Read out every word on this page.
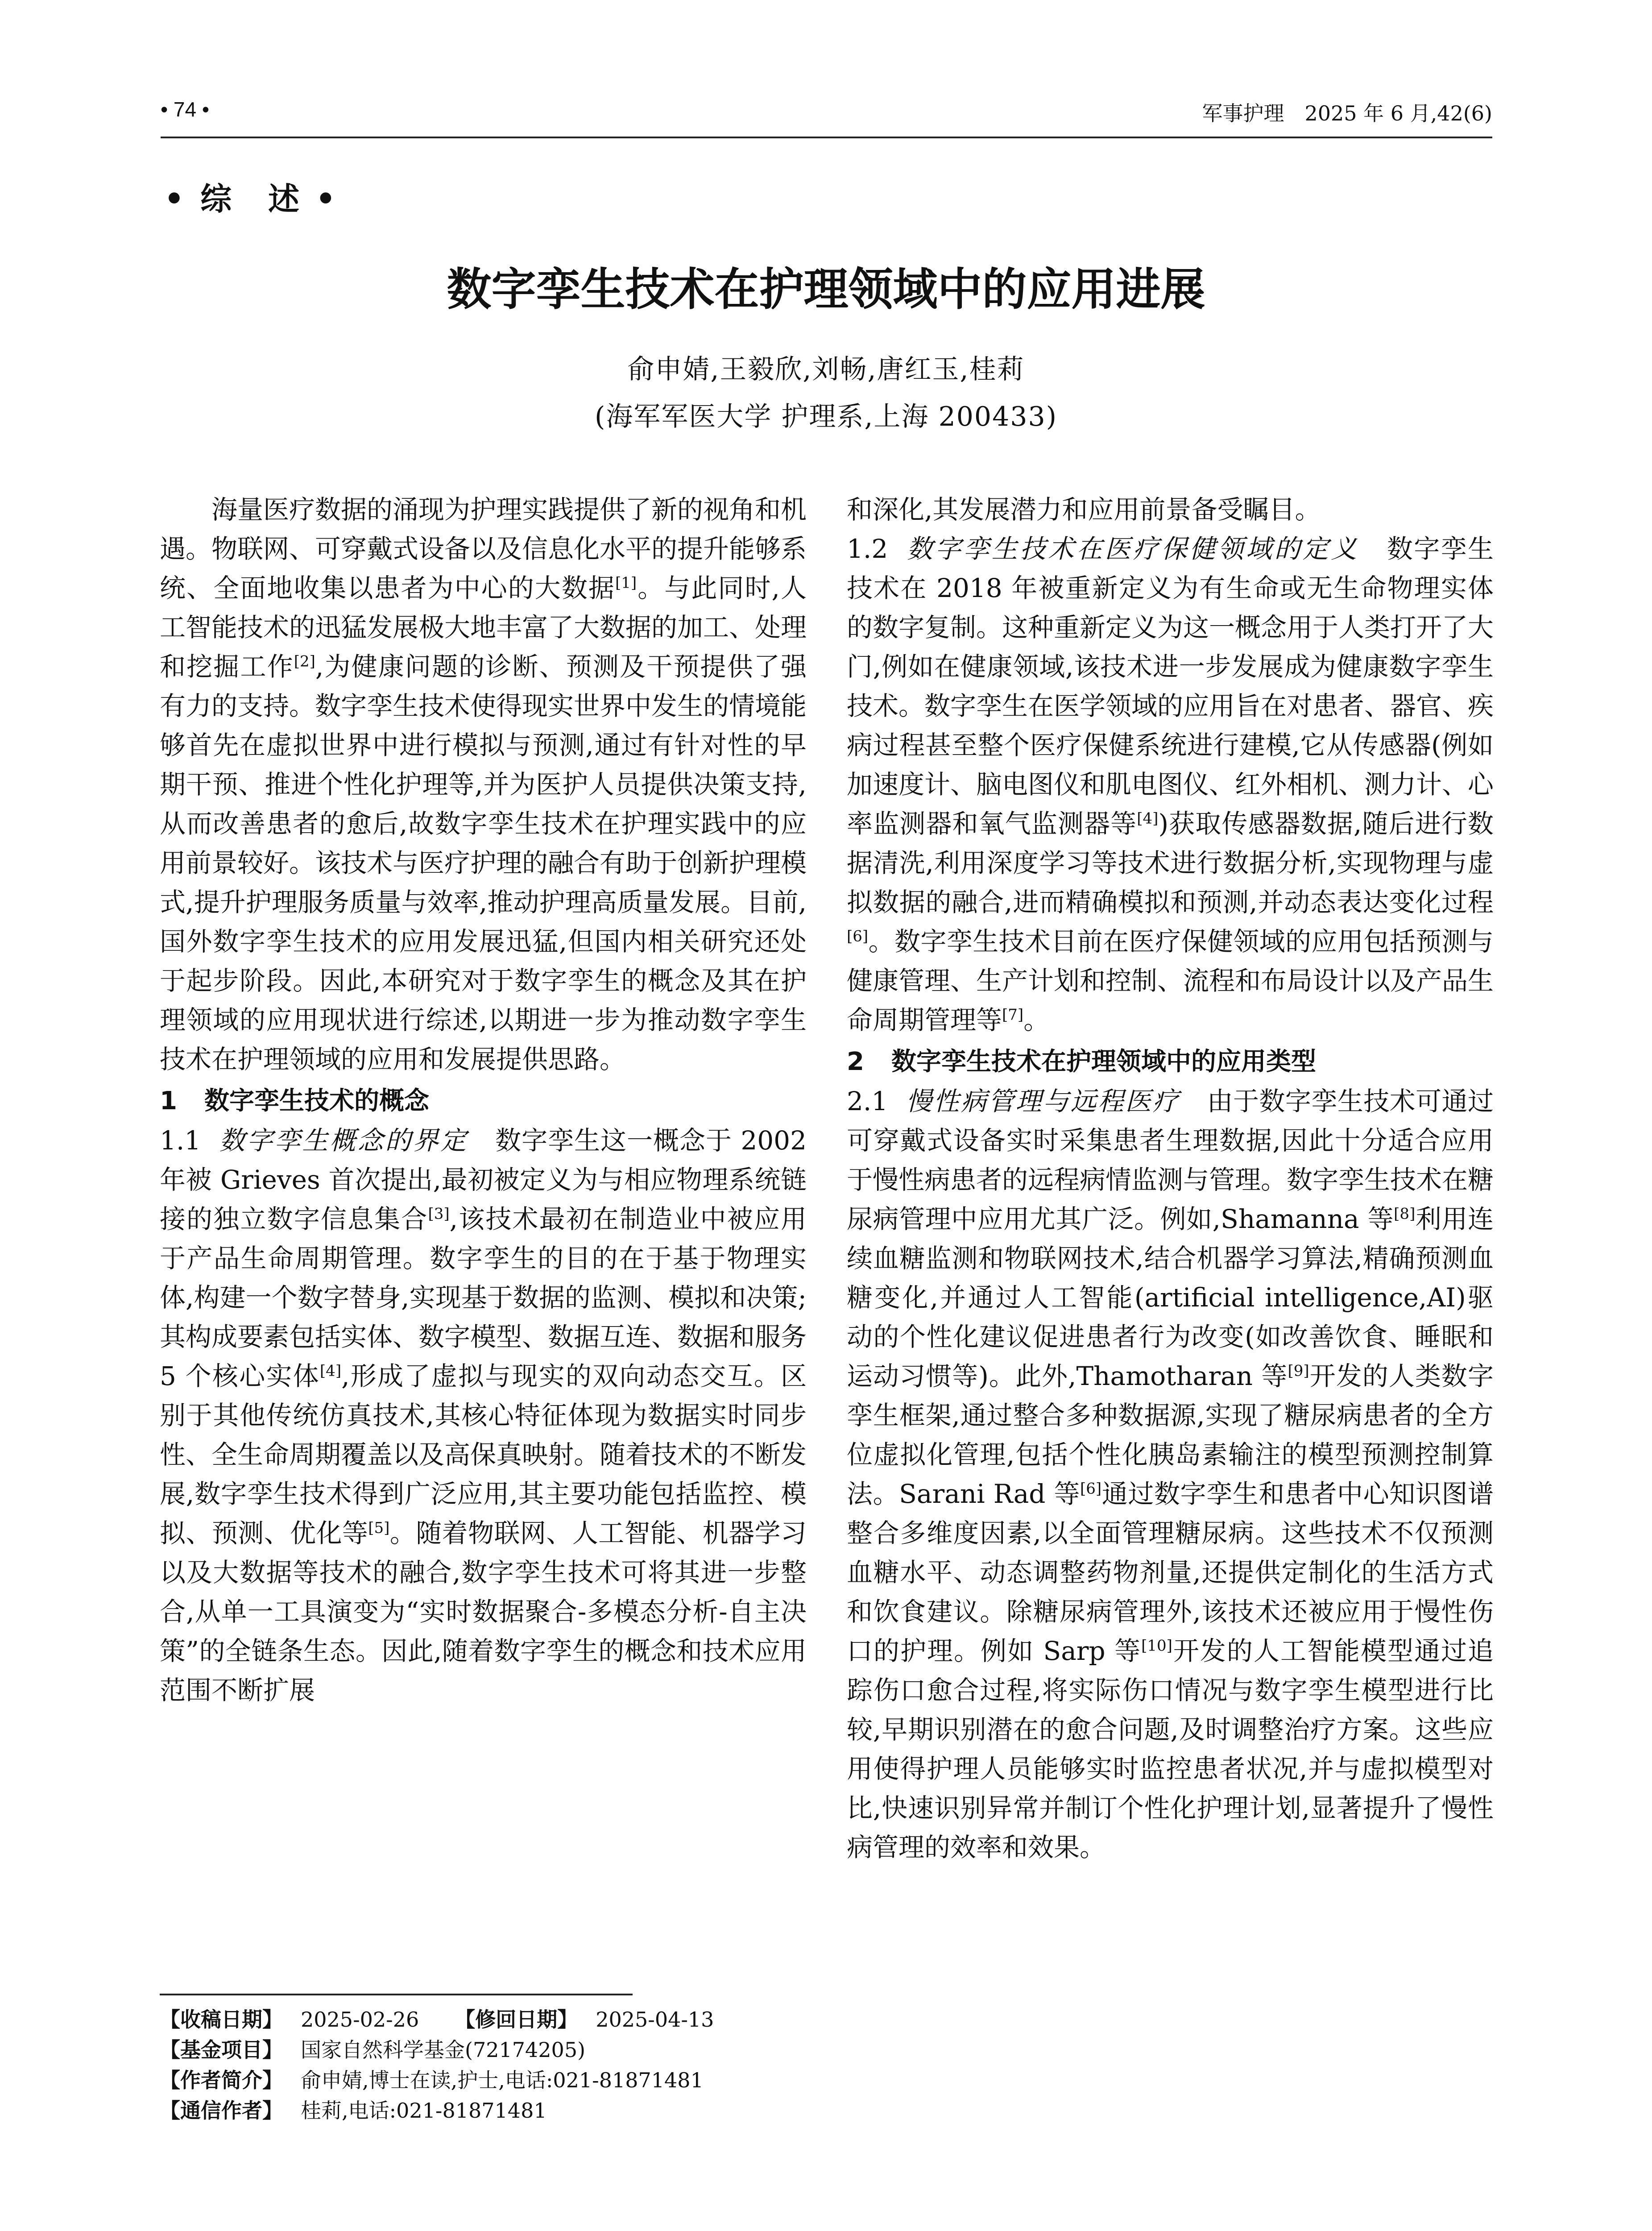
• 74 •	军事护理　2025 年 6 月,42(6)
• 综　述 •
数字孪生技术在护理领域中的应用进展
俞申婧,王毅欣,刘畅,唐红玉,桂莉
(海军军医大学 护理系,上海 200433)

海量医疗数据的涌现为护理实践提供了新的视角和机遇。物联网、可穿戴式设备以及信息化水平的提升能够系统、全面地收集以患者为中心的大数据[1]。与此同时,人工智能技术的迅猛发展极大地丰富了大数据的加工、处理和挖掘工作[2],为健康问题的诊断、预测及干预提供了强有力的支持。数字孪生技术使得现实世界中发生的情境能够首先在虚拟世界中进行模拟与预测,通过有针对性的早期干预、推进个性化护理等,并为医护人员提供决策支持,从而改善患者的愈后,故数字孪生技术在护理实践中的应用前景较好。该技术与医疗护理的融合有助于创新护理模式,提升护理服务质量与效率,推动护理高质量发展。目前,国外数字孪生技术的应用发展迅猛,但国内相关研究还处于起步阶段。因此,本研究对于数字孪生的概念及其在护理领域的应用现状进行综述,以期进一步为推动数字孪生技术在护理领域的应用和发展提供思路。

1 数字孪生技术的概念

1.1 数字孪生概念的界定 数字孪生这一概念于 2002 年被 Grieves 首次提出,最初被定义为与相应物理系统链接的独立数字信息集合[3],该技术最初在制造业中被应用于产品生命周期管理。数字孪生的目的在于基于物理实体,构建一个数字替身,实现基于数据的监测、模拟和决策;其构成要素包括实体、数字模型、数据互连、数据和服务 5 个核心实体[4],形成了虚拟与现实的双向动态交互。区别于其他传统仿真技术,其核心特征体现为数据实时同步性、全生命周期覆盖以及高保真映射。随着技术的不断发展,数字孪生技术得到广泛应用,其主要功能包括监控、模拟、预测、优化等[5]。随着物联网、人工智能、机器学习以及大数据等技术的融合,数字孪生技术可将其进一步整合,从单一工具演变为“实时数据聚合-多模态分析-自主决策”的全链条生态。因此,随着数字孪生的概念和技术应用范围不断扩展

和深化,其发展潜力和应用前景备受瞩目。

1.2 数字孪生技术在医疗保健领域的定义 数字孪生技术在 2018 年被重新定义为有生命或无生命物理实体的数字复制。这种重新定义为这一概念用于人类打开了大门,例如在健康领域,该技术进一步发展成为健康数字孪生技术。数字孪生在医学领域的应用旨在对患者、器官、疾病过程甚至整个医疗保健系统进行建模,它从传感器(例如加速度计、脑电图仪和肌电图仪、红外相机、测力计、心率监测器和氧气监测器等[4])获取传感器数据,随后进行数据清洗,利用深度学习等技术进行数据分析,实现物理与虚拟数据的融合,进而精确模拟和预测,并动态表达变化过程[6]。数字孪生技术目前在医疗保健领域的应用包括预测与健康管理、生产计划和控制、流程和布局设计以及产品生命周期管理等[7]。

2 数字孪生技术在护理领域中的应用类型

2.1 慢性病管理与远程医疗 由于数字孪生技术可通过可穿戴式设备实时采集患者生理数据,因此十分适合应用于慢性病患者的远程病情监测与管理。数字孪生技术在糖尿病管理中应用尤其广泛。例如,Shamanna 等[8]利用连续血糖监测和物联网技术,结合机器学习算法,精确预测血糖变化,并通过人工智能(artificial intelligence,AI)驱动的个性化建议促进患者行为改变(如改善饮食、睡眠和运动习惯等)。此外,Thamotharan 等[9]开发的人类数字孪生框架,通过整合多种数据源,实现了糖尿病患者的全方位虚拟化管理,包括个性化胰岛素输注的模型预测控制算法。Sarani Rad 等[6]通过数字孪生和患者中心知识图谱整合多维度因素,以全面管理糖尿病。这些技术不仅预测血糖水平、动态调整药物剂量,还提供定制化的生活方式和饮食建议。除糖尿病管理外,该技术还被应用于慢性伤口的护理。例如 Sarp 等[10]开发的人工智能模型通过追踪伤口愈合过程,将实际伤口情况与数字孪生模型进行比较,早期识别潜在的愈合问题,及时调整治疗方案。这些应用使得护理人员能够实时监控患者状况,并与虚拟模型对比,快速识别异常并制订个性化护理计划,显著提升了慢性病管理的效率和效果。

【收稿日期】 2025-02-26 【修回日期】 2025-04-13
【基金项目】 国家自然科学基金(72174205)
【作者简介】 俞申婧,博士在读,护士,电话:021-81871481
【通信作者】 桂莉,电话:021-81871481
